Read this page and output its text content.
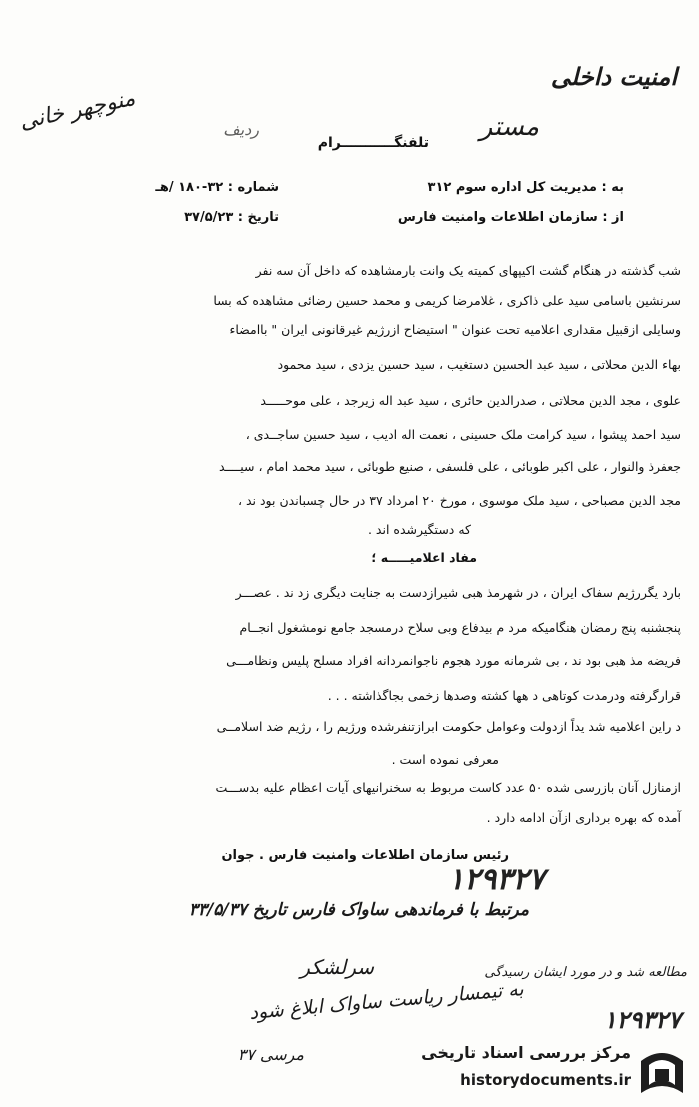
امنیت داخلی
منوچهر خانی	مستر
ردیف
تلفنگـــــــــــرام
به : مدیریت کل اداره سوم ۳۱۲
از : سازمان اطلاعات وامنیت فارس
شماره : ۳۲-۱۸۰ /هـ
تاریخ : ۳۷/۵/۲۳
شب گذشته در هنگام گشت اکیپهای کمیته یک وانت بارمشاهده که داخل آن سه نفر
سرنشین باسامی سید علی ذاکری ، غلامرضا کریمی و محمد حسین رضائی مشاهده که بسا
وسایلی ازقبیل مقداری اعلامیه تحت عنوان " استیضاح ازرژیم غیرقانونی ایران " باامضاء
بهاء الدین محلاتی ، سید عبد الحسین دستغیب ، سید حسین یزدی ، سید محمود
علوی ، مجد الدین محلاتی ، صدرالدین حائری ، سید عبد اله زیرجد ، علی موحـــــد
سید احمد پیشوا ، سید کرامت ملک حسینی ، نعمت اله ادیب ، سید حسین ساجــدی ،
جعفرذ والنوار ، علی اکبر طوبائی ، علی فلسفی ، صنیع طوبائی ، سید محمد امام ، سیــــد
مجد الدین مصباحی ، سید ملک موسوی ، مورخ ۲۰ امرداد ۳۷ در حال چسباندن بود ند ،
که دستگیرشده اند .
مفاد اعلامیـــــه ؛
بارد یگررژیم سفاک ایران ، در شهرمذ هبی شیرازدست به جنایت دیگری زد ند . عصـــر
پنجشنبه پنج رمضان هنگامیکه مرد م بیدفاع وبی سلاح درمسجد جامع نومشغول انجــام
فریضه مذ هبی بود ند ، بی شرمانه مورد هجوم ناجوانمردانه افراد مسلح پلیس ونظامـــی
قرارگرفته ودرمدت کوتاهی د هها کشته وصدها زخمی بجاگذاشته . . .
د راین اعلامیه شد یداً ازدولت وعوامل حکومت ابرازتنفرشده ورژیم را ، رژیم ضد اسلامــی
معرفی نموده است .
ازمنازل آنان بازرسی شده ۵۰ عدد کاست مربوط به سخنرانیهای آیات اعظام علیه بدســـت
آمده که بهره برداری ازآن ادامه دارد .
رئیس سازمان اطلاعات وامنیت فارس . جوان
۱۲۹۳۲۷
مرتبط با فرماندهی ساواک فارس تاریخ ۳۳/۵/۳۷
مطالعه شد و در مورد ایشان رسیدگی
۱۲۹۳۲۷
سرلشکر
به تیمسار ریاست ساواک ابلاغ شود
مرسی ۳۷	مرکز بررسی اسناد تاریخی
historydocuments.ir
